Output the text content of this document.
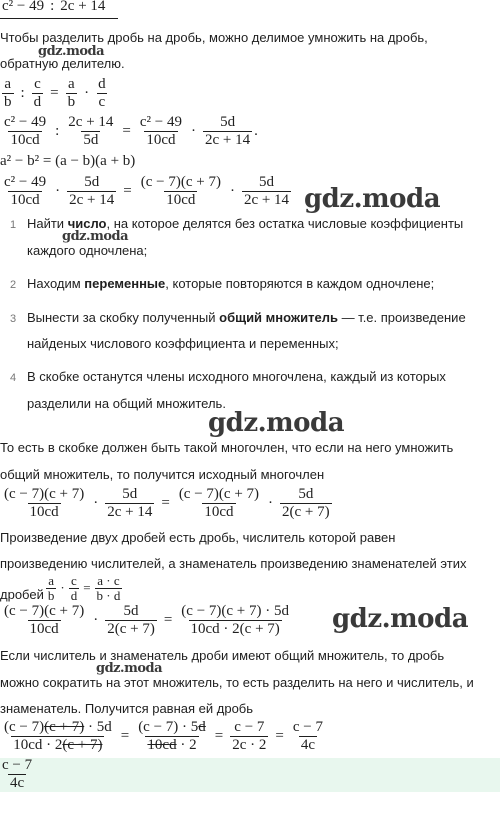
c² − 49 : 2c + 14
Чтобы разделить дробь на дробь, можно делимое умножить на дробь,
gdz.moda
обратную делителю.
$\frac{a}{b}$ : $\frac{c}{d} = \frac{a}{b} \cdot \frac{d}{c}$
$\frac{\text{c² − 49}}{10cd}$ : $\frac{2c + 14}{5d} = \frac{\text{c² − 49}}{10cd} \cdot \frac{5d}{2c + 14}$ .
a² − b² = (a − b)(a + b)
$\frac{\text{c² − 49}}{10cd} \cdot \frac{5d}{2c + 14} = \frac{(c - 7)(c + 7)}{10cd} \cdot \frac{5d}{2c + 14}$ gdz.moda
1 Найти число, на которое делятся без остатка числовые коэффициенты
gdz.moda
каждого одночлена;
2 Находим переменные, которые повторяются в каждом одночлене;
3 Вынести за скобку полученный общий множитель — т.е. произведение
найденых числового коэффициента и переменных;
4 В скобке останутся члены исходного многочлена, каждый из которых
разделили на общий множитель.
gdz.moda
То есть в скобке должен быть такой многочлен, что если на него умножить
общий множитель, то получится исходный многочлен
$\frac{(c - 7)(c + 7)}{10cd} \cdot \frac{5d}{2c + 14} = \frac{(c - 7)(c + 7)}{10cd} \cdot \frac{5d}{2(c + 7)}$
Произведение двух дробей есть дробь, числитель которой равен
произведению числителей, а знаменатель произведению знаменателей этих
дробей $\frac{a}{b} \cdot \frac{c}{d} = \frac{a \cdot c}{b \cdot d}$
$\frac{(c - 7)(c + 7)}{10cd} \cdot \frac{5d}{2(c + 7)} = \frac{(c - 7)(c + 7) \cdot 5d}{10cd \cdot 2(c + 7)}$ gdz.moda
Если числитель и знаменатель дроби имеют общий множитель, то дробь
gdz.moda
можно сократить на этот множитель, то есть разделить на него и числитель, и
знаменатель. Получится равная ей дробь
$\frac{(c - 7)(c + 7) \cdot 5d}{10cd \cdot 2(c + 7)} = \frac{(c - 7) \cdot 5d}{10cd \cdot 2} = \frac{c - 7}{2c \cdot 2} = \frac{c - 7}{4c}$
$\frac{c - 7}{4c}$
